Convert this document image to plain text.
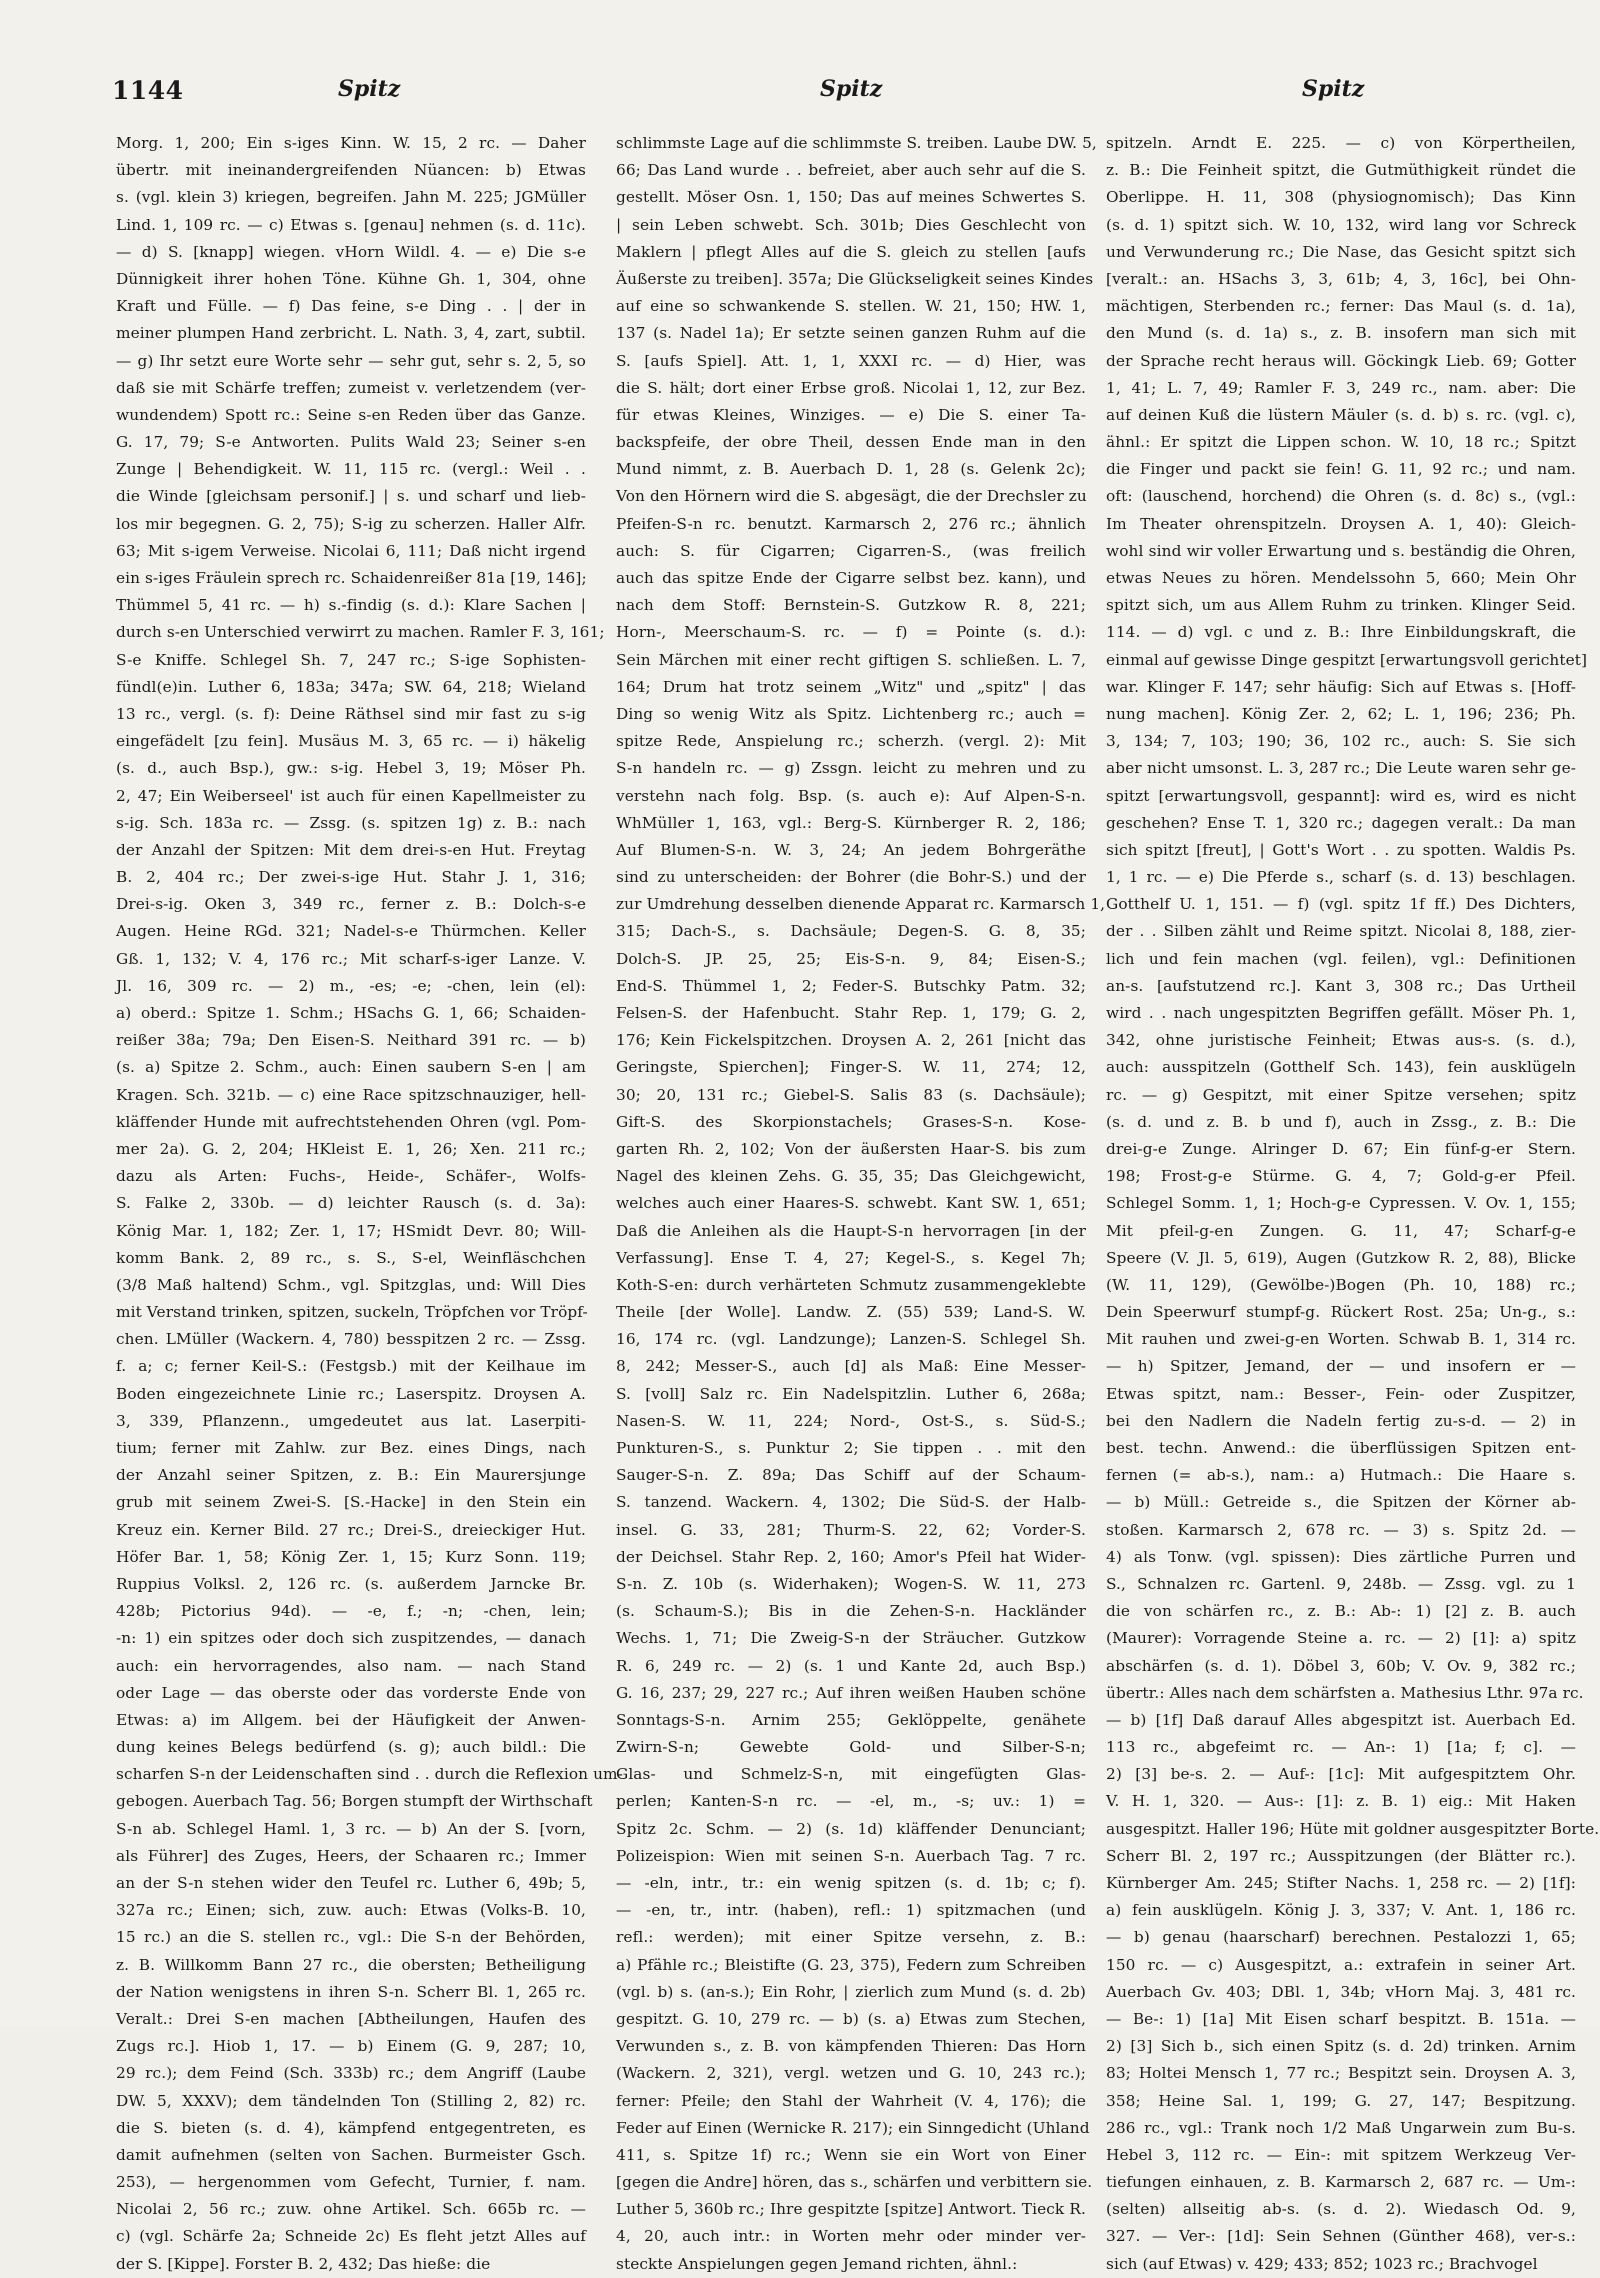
1144	Spitz	Spitz	Spitz
Morg. 1, 200; Ein s-iges Kinn. W. 15, 2 rc. — Daher
übertr. mit ineinandergreifenden Nüancen: b) Etwas
s. (vgl. klein 3) kriegen, begreifen. Jahn M. 225; JGMüller
Lind. 1, 109 rc. — c) Etwas s. [genau] nehmen (s. d. 11c).
— d) S. [knapp] wiegen. vHorn Wildl. 4. — e) Die s-e
Dünnigkeit ihrer hohen Töne. Kühne Gh. 1, 304, ohne
Kraft und Fülle. — f) Das feine, s-e Ding . . | der in
meiner plumpen Hand zerbricht. L. Nath. 3, 4, zart, subtil.
— g) Ihr setzt eure Worte sehr — sehr gut, sehr s. 2, 5, so
daß sie mit Schärfe treffen; zumeist v. verletzendem (ver-
wundendem) Spott rc.: Seine s-en Reden über das Ganze.
G. 17, 79; S-e Antworten. Pulits Wald 23; Seiner s-en
Zunge | Behendigkeit. W. 11, 115 rc. (vergl.: Weil . .
die Winde [gleichsam personif.] | s. und scharf und lieb-
los mir begegnen. G. 2, 75); S-ig zu scherzen. Haller Alfr.
63; Mit s-igem Verweise. Nicolai 6, 111; Daß nicht irgend
ein s-iges Fräulein sprech rc. Schaidenreißer 81a [19, 146];
Thümmel 5, 41 rc. — h) s.-findig (s. d.): Klare Sachen |
durch s-en Unterschied verwirrt zu machen. Ramler F. 3, 161;
S-e Kniffe. Schlegel Sh. 7, 247 rc.; S-ige Sophisten-
fündl(e)in. Luther 6, 183a; 347a; SW. 64, 218; Wieland
13 rc., vergl. (s. f): Deine Räthsel sind mir fast zu s-ig
eingefädelt [zu fein]. Musäus M. 3, 65 rc. — i) häkelig
(s. d., auch Bsp.), gw.: s-ig. Hebel 3, 19; Möser Ph.
2, 47; Ein Weiberseel' ist auch für einen Kapellmeister zu
s-ig. Sch. 183a rc. — Zssg. (s. spitzen 1g) z. B.: nach
der Anzahl der Spitzen: Mit dem drei-s-en Hut. Freytag
B. 2, 404 rc.; Der zwei-s-ige Hut. Stahr J. 1, 316;
Drei-s-ig. Oken 3, 349 rc., ferner z. B.: Dolch-s-e
Augen. Heine RGd. 321; Nadel-s-e Thürmchen. Keller
Gß. 1, 132; V. 4, 176 rc.; Mit scharf-s-iger Lanze. V.
Jl. 16, 309 rc. — 2) m., -es; -e; -chen, lein (el):
a) oberd.: Spitze 1. Schm.; HSachs G. 1, 66; Schaiden-
reißer 38a; 79a; Den Eisen-S. Neithard 391 rc. — b)
(s. a) Spitze 2. Schm., auch: Einen saubern S-en | am
Kragen. Sch. 321b. — c) eine Race spitzschnauziger, hell-
kläffender Hunde mit aufrechtstehenden Ohren (vgl. Pom-
mer 2a). G. 2, 204; HKleist E. 1, 26; Xen. 211 rc.;
dazu als Arten: Fuchs-, Heide-, Schäfer-, Wolfs-
S. Falke 2, 330b. — d) leichter Rausch (s. d. 3a):
König Mar. 1, 182; Zer. 1, 17; HSmidt Devr. 80; Will-
komm Bank. 2, 89 rc., s. S., S-el, Weinfläschchen
(3/8 Maß haltend) Schm., vgl. Spitzglas, und: Will Dies
mit Verstand trinken, spitzen, suckeln, Tröpfchen vor Tröpf-
chen. LMüller (Wackern. 4, 780) besspitzen 2 rc. — Zssg.
f. a; c; ferner Keil-S.: (Festgsb.) mit der Keilhaue im
Boden eingezeichnete Linie rc.; Laserspitz. Droysen A.
3, 339, Pflanzenn., umgedeutet aus lat. Laserpiti-
tium; ferner mit Zahlw. zur Bez. eines Dings, nach
der Anzahl seiner Spitzen, z. B.: Ein Maurersjunge
grub mit seinem Zwei-S. [S.-Hacke] in den Stein ein
Kreuz ein. Kerner Bild. 27 rc.; Drei-S., dreieckiger Hut.
Höfer Bar. 1, 58; König Zer. 1, 15; Kurz Sonn. 119;
Ruppius Volksl. 2, 126 rc. (s. außerdem Jarncke Br.
428b; Pictorius 94d). — -e, f.; -n; -chen, lein;
-n: 1) ein spitzes oder doch sich zuspitzendes, — danach
auch: ein hervorragendes, also nam. — nach Stand
oder Lage — das oberste oder das vorderste Ende von
Etwas: a) im Allgem. bei der Häufigkeit der Anwen-
dung keines Belegs bedürfend (s. g); auch bildl.: Die
scharfen S-n der Leidenschaften sind . . durch die Reflexion um-
gebogen. Auerbach Tag. 56; Borgen stumpft der Wirthschaft
S-n ab. Schlegel Haml. 1, 3 rc. — b) An der S. [vorn,
als Führer] des Zuges, Heers, der Schaaren rc.; Immer
an der S-n stehen wider den Teufel rc. Luther 6, 49b; 5,
327a rc.; Einen; sich, zuw. auch: Etwas (Volks-B. 10,
15 rc.) an die S. stellen rc., vgl.: Die S-n der Behörden,
z. B. Willkomm Bann 27 rc., die obersten; Betheiligung
der Nation wenigstens in ihren S-n. Scherr Bl. 1, 265 rc.
Veralt.: Drei S-en machen [Abtheilungen, Haufen des
Zugs rc.]. Hiob 1, 17. — b) Einem (G. 9, 287; 10,
29 rc.); dem Feind (Sch. 333b) rc.; dem Angriff (Laube
DW. 5, XXXV); dem tändelnden Ton (Stilling 2, 82) rc.
die S. bieten (s. d. 4), kämpfend entgegentreten, es
damit aufnehmen (selten von Sachen. Burmeister Gsch.
253), — hergenommen vom Gefecht, Turnier, f. nam.
Nicolai 2, 56 rc.; zuw. ohne Artikel. Sch. 665b rc. —
c) (vgl. Schärfe 2a; Schneide 2c) Es fleht jetzt Alles auf
der S. [Kippe]. Forster B. 2, 432; Das hieße: die
schlimmste Lage auf die schlimmste S. treiben. Laube DW. 5,
66; Das Land wurde . . befreiet, aber auch sehr auf die S.
gestellt. Möser Osn. 1, 150; Das auf meines Schwertes S.
| sein Leben schwebt. Sch. 301b; Dies Geschlecht von
Maklern | pflegt Alles auf die S. gleich zu stellen [aufs
Äußerste zu treiben]. 357a; Die Glückseligkeit seines Kindes
auf eine so schwankende S. stellen. W. 21, 150; HW. 1,
137 (s. Nadel 1a); Er setzte seinen ganzen Ruhm auf die
S. [aufs Spiel]. Att. 1, 1, XXXI rc. — d) Hier, was
die S. hält; dort einer Erbse groß. Nicolai 1, 12, zur Bez.
für etwas Kleines, Winziges. — e) Die S. einer Ta-
backspfeife, der obre Theil, dessen Ende man in den
Mund nimmt, z. B. Auerbach D. 1, 28 (s. Gelenk 2c);
Von den Hörnern wird die S. abgesägt, die der Drechsler zu
Pfeifen-S-n rc. benutzt. Karmarsch 2, 276 rc.; ähnlich
auch: S. für Cigarren; Cigarren-S., (was freilich
auch das spitze Ende der Cigarre selbst bez. kann), und
nach dem Stoff: Bernstein-S. Gutzkow R. 8, 221;
Horn-, Meerschaum-S. rc. — f) = Pointe (s. d.):
Sein Märchen mit einer recht giftigen S. schließen. L. 7,
164; Drum hat trotz seinem „Witz" und „spitz" | das
Ding so wenig Witz als Spitz. Lichtenberg rc.; auch =
spitze Rede, Anspielung rc.; scherzh. (vergl. 2): Mit
S-n handeln rc. — g) Zssgn. leicht zu mehren und zu
verstehn nach folg. Bsp. (s. auch e): Auf Alpen-S-n.
WhMüller 1, 163, vgl.: Berg-S. Kürnberger R. 2, 186;
Auf Blumen-S-n. W. 3, 24; An jedem Bohrgeräthe
sind zu unterscheiden: der Bohrer (die Bohr-S.) und der
zur Umdrehung desselben dienende Apparat rc. Karmarsch 1,
315; Dach-S., s. Dachsäule; Degen-S. G. 8, 35;
Dolch-S. JP. 25, 25; Eis-S-n. 9, 84; Eisen-S.;
End-S. Thümmel 1, 2; Feder-S. Butschky Patm. 32;
Felsen-S. der Hafenbucht. Stahr Rep. 1, 179; G. 2,
176; Kein Fickelspitzchen. Droysen A. 2, 261 [nicht das
Geringste, Spierchen]; Finger-S. W. 11, 274; 12,
30; 20, 131 rc.; Giebel-S. Salis 83 (s. Dachsäule);
Gift-S. des Skorpionstachels; Grases-S-n. Kose-
garten Rh. 2, 102; Von der äußersten Haar-S. bis zum
Nagel des kleinen Zehs. G. 35, 35; Das Gleichgewicht,
welches auch einer Haares-S. schwebt. Kant SW. 1, 651;
Daß die Anleihen als die Haupt-S-n hervorragen [in der
Verfassung]. Ense T. 4, 27; Kegel-S., s. Kegel 7h;
Koth-S-en: durch verhärteten Schmutz zusammengeklebte
Theile [der Wolle]. Landw. Z. (55) 539; Land-S. W.
16, 174 rc. (vgl. Landzunge); Lanzen-S. Schlegel Sh.
8, 242; Messer-S., auch [d] als Maß: Eine Messer-
S. [voll] Salz rc. Ein Nadelspitzlin. Luther 6, 268a;
Nasen-S. W. 11, 224; Nord-, Ost-S., s. Süd-S.;
Punkturen-S., s. Punktur 2; Sie tippen . . mit den
Sauger-S-n. Z. 89a; Das Schiff auf der Schaum-
S. tanzend. Wackern. 4, 1302; Die Süd-S. der Halb-
insel. G. 33, 281; Thurm-S. 22, 62; Vorder-S.
der Deichsel. Stahr Rep. 2, 160; Amor's Pfeil hat Wider-
S-n. Z. 10b (s. Widerhaken); Wogen-S. W. 11, 273
(s. Schaum-S.); Bis in die Zehen-S-n. Hackländer
Wechs. 1, 71; Die Zweig-S-n der Sträucher. Gutzkow
R. 6, 249 rc. — 2) (s. 1 und Kante 2d, auch Bsp.)
G. 16, 237; 29, 227 rc.; Auf ihren weißen Hauben schöne
Sonntags-S-n. Arnim 255; Geklöppelte, genähete
Zwirn-S-n; Gewebte Gold- und Silber-S-n;
Glas- und Schmelz-S-n, mit eingefügten Glas-
perlen; Kanten-S-n rc. — -el, m., -s; uv.: 1) =
Spitz 2c. Schm. — 2) (s. 1d) kläffender Denunciant;
Polizeispion: Wien mit seinen S-n. Auerbach Tag. 7 rc.
— -eln, intr., tr.: ein wenig spitzen (s. d. 1b; c; f).
— -en, tr., intr. (haben), refl.: 1) spitzmachen (und
refl.: werden); mit einer Spitze versehn, z. B.:
a) Pfähle rc.; Bleistifte (G. 23, 375), Federn zum Schreiben
(vgl. b) s. (an-s.); Ein Rohr, | zierlich zum Mund (s. d. 2b)
gespitzt. G. 10, 279 rc. — b) (s. a) Etwas zum Stechen,
Verwunden s., z. B. von kämpfenden Thieren: Das Horn
(Wackern. 2, 321), vergl. wetzen und G. 10, 243 rc.);
ferner: Pfeile; den Stahl der Wahrheit (V. 4, 176); die
Feder auf Einen (Wernicke R. 217); ein Sinngedicht (Uhland
411, s. Spitze 1f) rc.; Wenn sie ein Wort von Einer
[gegen die Andre] hören, das s., schärfen und verbittern sie.
Luther 5, 360b rc.; Ihre gespitzte [spitze] Antwort. Tieck R.
4, 20, auch intr.: in Worten mehr oder minder ver-
steckte Anspielungen gegen Jemand richten, ähnl.:
spitzeln. Arndt E. 225. — c) von Körpertheilen,
z. B.: Die Feinheit spitzt, die Gutmüthigkeit ründet die
Oberlippe. H. 11, 308 (physiognomisch); Das Kinn
(s. d. 1) spitzt sich. W. 10, 132, wird lang vor Schreck
und Verwunderung rc.; Die Nase, das Gesicht spitzt sich
[veralt.: an. HSachs 3, 3, 61b; 4, 3, 16c], bei Ohn-
mächtigen, Sterbenden rc.; ferner: Das Maul (s. d. 1a),
den Mund (s. d. 1a) s., z. B. insofern man sich mit
der Sprache recht heraus will. Göckingk Lieb. 69; Gotter
1, 41; L. 7, 49; Ramler F. 3, 249 rc., nam. aber: Die
auf deinen Kuß die lüstern Mäuler (s. d. b) s. rc. (vgl. c),
ähnl.: Er spitzt die Lippen schon. W. 10, 18 rc.; Spitzt
die Finger und packt sie fein! G. 11, 92 rc.; und nam.
oft: (lauschend, horchend) die Ohren (s. d. 8c) s., (vgl.:
Im Theater ohrenspitzeln. Droysen A. 1, 40): Gleich-
wohl sind wir voller Erwartung und s. beständig die Ohren,
etwas Neues zu hören. Mendelssohn 5, 660; Mein Ohr
spitzt sich, um aus Allem Ruhm zu trinken. Klinger Seid.
114. — d) vgl. c und z. B.: Ihre Einbildungskraft, die
einmal auf gewisse Dinge gespitzt [erwartungsvoll gerichtet]
war. Klinger F. 147; sehr häufig: Sich auf Etwas s. [Hoff-
nung machen]. König Zer. 2, 62; L. 1, 196; 236; Ph.
3, 134; 7, 103; 190; 36, 102 rc., auch: S. Sie sich
aber nicht umsonst. L. 3, 287 rc.; Die Leute waren sehr ge-
spitzt [erwartungsvoll, gespannt]: wird es, wird es nicht
geschehen? Ense T. 1, 320 rc.; dagegen veralt.: Da man
sich spitzt [freut], | Gott's Wort . . zu spotten. Waldis Ps.
1, 1 rc. — e) Die Pferde s., scharf (s. d. 13) beschlagen.
Gotthelf U. 1, 151. — f) (vgl. spitz 1f ff.) Des Dichters,
der . . Silben zählt und Reime spitzt. Nicolai 8, 188, zier-
lich und fein machen (vgl. feilen), vgl.: Definitionen
an-s. [aufstutzend rc.]. Kant 3, 308 rc.; Das Urtheil
wird . . nach ungespitzten Begriffen gefällt. Möser Ph. 1,
342, ohne juristische Feinheit; Etwas aus-s. (s. d.),
auch: ausspitzeln (Gotthelf Sch. 143), fein ausklügeln
rc. — g) Gespitzt, mit einer Spitze versehen; spitz
(s. d. und z. B. b und f), auch in Zssg., z. B.: Die
drei-g-e Zunge. Alringer D. 67; Ein fünf-g-er Stern.
198; Frost-g-e Stürme. G. 4, 7; Gold-g-er Pfeil.
Schlegel Somm. 1, 1; Hoch-g-e Cypressen. V. Ov. 1, 155;
Mit pfeil-g-en Zungen. G. 11, 47; Scharf-g-e
Speere (V. Jl. 5, 619), Augen (Gutzkow R. 2, 88), Blicke
(W. 11, 129), (Gewölbe-)Bogen (Ph. 10, 188) rc.;
Dein Speerwurf stumpf-g. Rückert Rost. 25a; Un-g., s.:
Mit rauhen und zwei-g-en Worten. Schwab B. 1, 314 rc.
— h) Spitzer, Jemand, der — und insofern er —
Etwas spitzt, nam.: Besser-, Fein- oder Zuspitzer,
bei den Nadlern die Nadeln fertig zu-s-d. — 2) in
best. techn. Anwend.: die überflüssigen Spitzen ent-
fernen (= ab-s.), nam.: a) Hutmach.: Die Haare s.
— b) Müll.: Getreide s., die Spitzen der Körner ab-
stoßen. Karmarsch 2, 678 rc. — 3) s. Spitz 2d. —
4) als Tonw. (vgl. spissen): Dies zärtliche Purren und
S., Schnalzen rc. Gartenl. 9, 248b. — Zssg. vgl. zu 1
die von schärfen rc., z. B.: Ab-: 1) [2] z. B. auch
(Maurer): Vorragende Steine a. rc. — 2) [1]: a) spitz
abschärfen (s. d. 1). Döbel 3, 60b; V. Ov. 9, 382 rc.;
übertr.: Alles nach dem schärfsten a. Mathesius Lthr. 97a rc.
— b) [1f] Daß darauf Alles abgespitzt ist. Auerbach Ed.
113 rc., abgefeimt rc. — An-: 1) [1a; f; c]. —
2) [3] be-s. 2. — Auf-: [1c]: Mit aufgespitztem Ohr.
V. H. 1, 320. — Aus-: [1]: z. B. 1) eig.: Mit Haken
ausgespitzt. Haller 196; Hüte mit goldner ausgespitzter Borte.
Scherr Bl. 2, 197 rc.; Ausspitzungen (der Blätter rc.).
Kürnberger Am. 245; Stifter Nachs. 1, 258 rc. — 2) [1f]:
a) fein ausklügeln. König J. 3, 337; V. Ant. 1, 186 rc.
— b) genau (haarscharf) berechnen. Pestalozzi 1, 65;
150 rc. — c) Ausgespitzt, a.: extrafein in seiner Art.
Auerbach Gv. 403; DBl. 1, 34b; vHorn Maj. 3, 481 rc.
— Be-: 1) [1a] Mit Eisen scharf bespitzt. B. 151a. —
2) [3] Sich b., sich einen Spitz (s. d. 2d) trinken. Arnim
83; Holtei Mensch 1, 77 rc.; Bespitzt sein. Droysen A. 3,
358; Heine Sal. 1, 199; G. 27, 147; Bespitzung.
286 rc., vgl.: Trank noch 1/2 Maß Ungarwein zum Bu-s.
Hebel 3, 112 rc. — Ein-: mit spitzem Werkzeug Ver-
tiefungen einhauen, z. B. Karmarsch 2, 687 rc. — Um-:
(selten) allseitig ab-s. (s. d. 2). Wiedasch Od. 9,
327. — Ver-: [1d]: Sein Sehnen (Günther 468), ver-s.:
sich (auf Etwas) v. 429; 433; 852; 1023 rc.; Brachvogel
